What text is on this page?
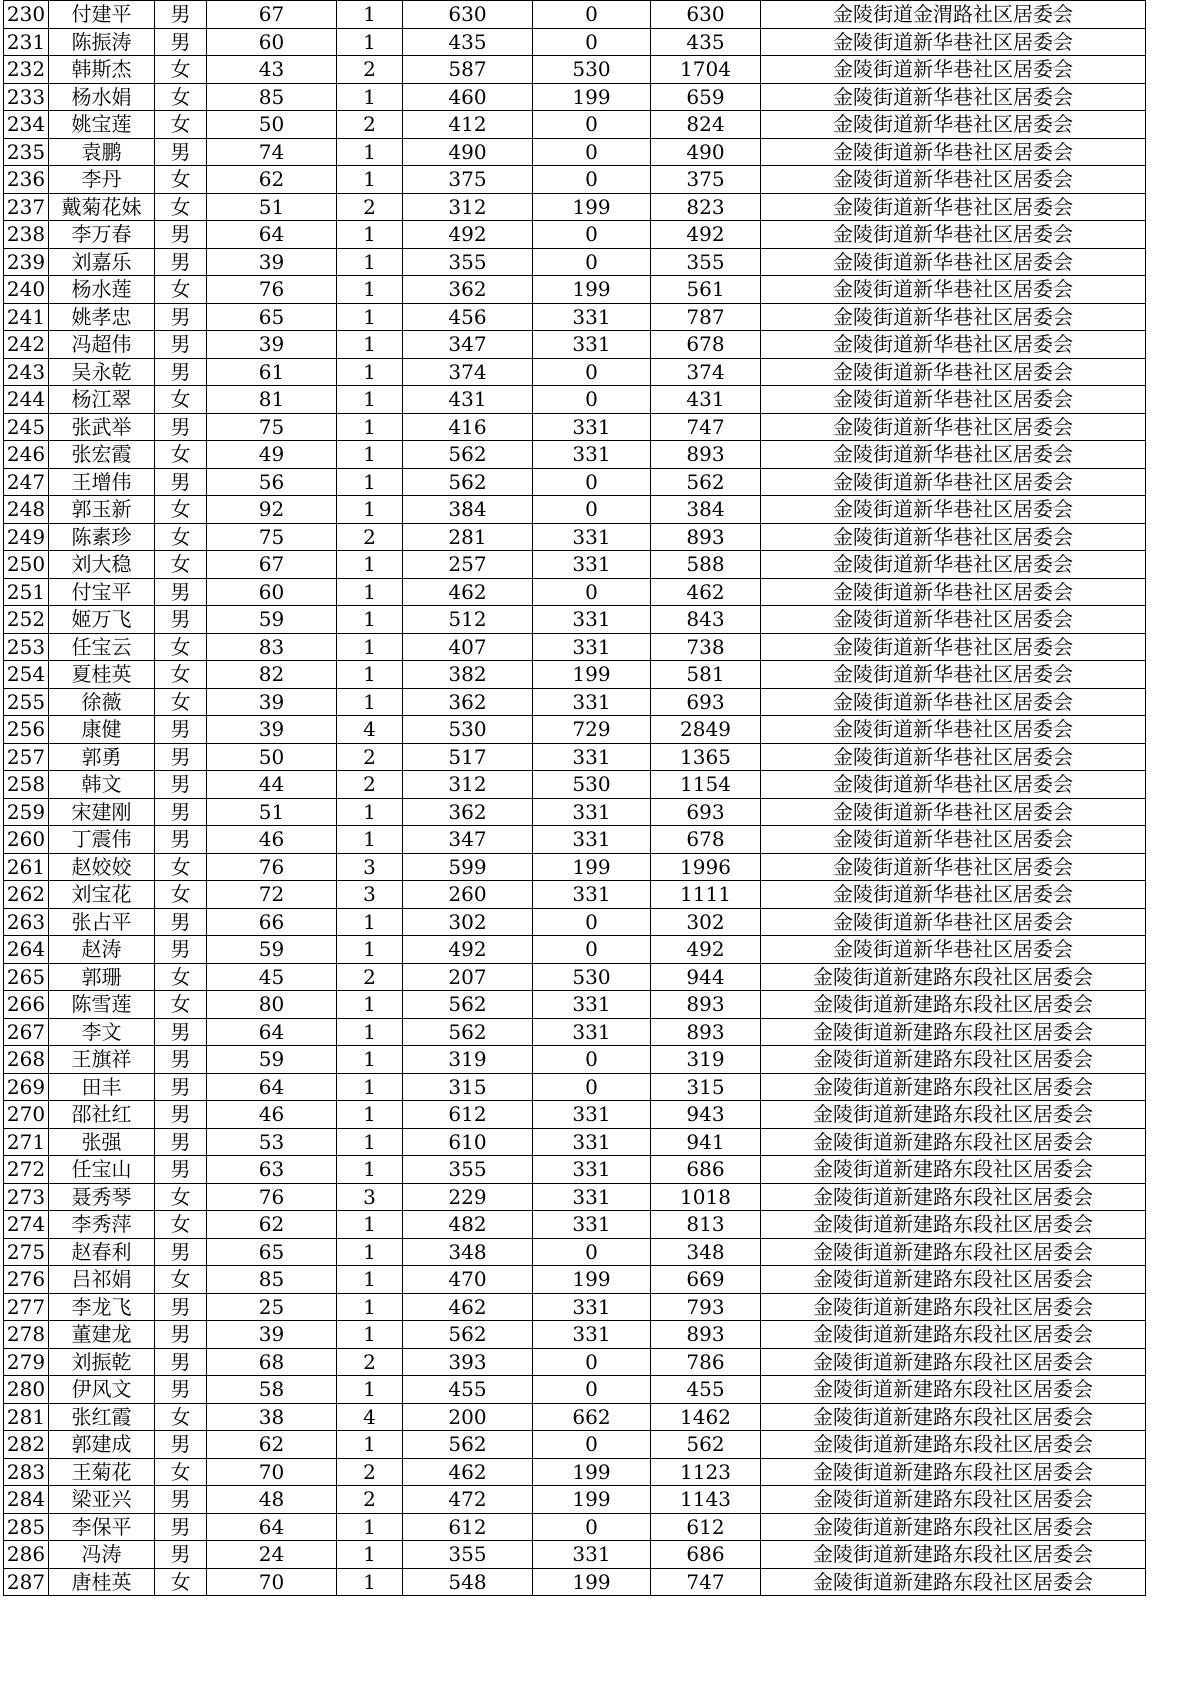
230	付建平	男	67	1	630	0	630	金陵街道金渭路社区居委会
231	陈振涛	男	60	1	435	0	435	金陵街道新华巷社区居委会
232	韩斯杰	女	43	2	587	530	1704	金陵街道新华巷社区居委会
233	杨水娟	女	85	1	460	199	659	金陵街道新华巷社区居委会
234	姚宝莲	女	50	2	412	0	824	金陵街道新华巷社区居委会
235	袁鹏	男	74	1	490	0	490	金陵街道新华巷社区居委会
236	李丹	女	62	1	375	0	375	金陵街道新华巷社区居委会
237	戴菊花妹	女	51	2	312	199	823	金陵街道新华巷社区居委会
238	李万春	男	64	1	492	0	492	金陵街道新华巷社区居委会
239	刘嘉乐	男	39	1	355	0	355	金陵街道新华巷社区居委会
240	杨水莲	女	76	1	362	199	561	金陵街道新华巷社区居委会
241	姚孝忠	男	65	1	456	331	787	金陵街道新华巷社区居委会
242	冯超伟	男	39	1	347	331	678	金陵街道新华巷社区居委会
243	吴永乾	男	61	1	374	0	374	金陵街道新华巷社区居委会
244	杨江翠	女	81	1	431	0	431	金陵街道新华巷社区居委会
245	张武举	男	75	1	416	331	747	金陵街道新华巷社区居委会
246	张宏霞	女	49	1	562	331	893	金陵街道新华巷社区居委会
247	王增伟	男	56	1	562	0	562	金陵街道新华巷社区居委会
248	郭玉新	女	92	1	384	0	384	金陵街道新华巷社区居委会
249	陈素珍	女	75	2	281	331	893	金陵街道新华巷社区居委会
250	刘大稳	女	67	1	257	331	588	金陵街道新华巷社区居委会
251	付宝平	男	60	1	462	0	462	金陵街道新华巷社区居委会
252	姬万飞	男	59	1	512	331	843	金陵街道新华巷社区居委会
253	任宝云	女	83	1	407	331	738	金陵街道新华巷社区居委会
254	夏桂英	女	82	1	382	199	581	金陵街道新华巷社区居委会
255	徐薇	女	39	1	362	331	693	金陵街道新华巷社区居委会
256	康健	男	39	4	530	729	2849	金陵街道新华巷社区居委会
257	郭勇	男	50	2	517	331	1365	金陵街道新华巷社区居委会
258	韩文	男	44	2	312	530	1154	金陵街道新华巷社区居委会
259	宋建刚	男	51	1	362	331	693	金陵街道新华巷社区居委会
260	丁震伟	男	46	1	347	331	678	金陵街道新华巷社区居委会
261	赵姣姣	女	76	3	599	199	1996	金陵街道新华巷社区居委会
262	刘宝花	女	72	3	260	331	1111	金陵街道新华巷社区居委会
263	张占平	男	66	1	302	0	302	金陵街道新华巷社区居委会
264	赵涛	男	59	1	492	0	492	金陵街道新华巷社区居委会
265	郭珊	女	45	2	207	530	944	金陵街道新建路东段社区居委会
266	陈雪莲	女	80	1	562	331	893	金陵街道新建路东段社区居委会
267	李文	男	64	1	562	331	893	金陵街道新建路东段社区居委会
268	王旗祥	男	59	1	319	0	319	金陵街道新建路东段社区居委会
269	田丰	男	64	1	315	0	315	金陵街道新建路东段社区居委会
270	邵社红	男	46	1	612	331	943	金陵街道新建路东段社区居委会
271	张强	男	53	1	610	331	941	金陵街道新建路东段社区居委会
272	任宝山	男	63	1	355	331	686	金陵街道新建路东段社区居委会
273	聂秀琴	女	76	3	229	331	1018	金陵街道新建路东段社区居委会
274	李秀萍	女	62	1	482	331	813	金陵街道新建路东段社区居委会
275	赵春利	男	65	1	348	0	348	金陵街道新建路东段社区居委会
276	吕祁娟	女	85	1	470	199	669	金陵街道新建路东段社区居委会
277	李龙飞	男	25	1	462	331	793	金陵街道新建路东段社区居委会
278	董建龙	男	39	1	562	331	893	金陵街道新建路东段社区居委会
279	刘振乾	男	68	2	393	0	786	金陵街道新建路东段社区居委会
280	伊风文	男	58	1	455	0	455	金陵街道新建路东段社区居委会
281	张红霞	女	38	4	200	662	1462	金陵街道新建路东段社区居委会
282	郭建成	男	62	1	562	0	562	金陵街道新建路东段社区居委会
283	王菊花	女	70	2	462	199	1123	金陵街道新建路东段社区居委会
284	梁亚兴	男	48	2	472	199	1143	金陵街道新建路东段社区居委会
285	李保平	男	64	1	612	0	612	金陵街道新建路东段社区居委会
286	冯涛	男	24	1	355	331	686	金陵街道新建路东段社区居委会
287	唐桂英	女	70	1	548	199	747	金陵街道新建路东段社区居委会
